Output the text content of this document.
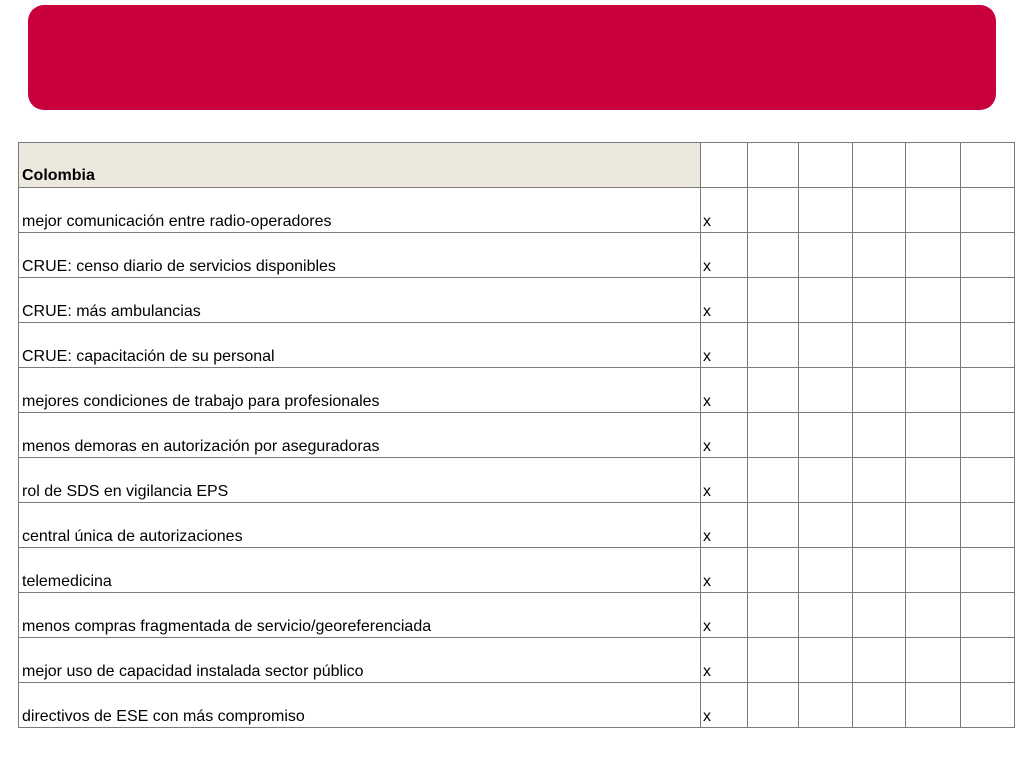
Colombia						

mejor comunicación entre radio-operadores	x					

CRUE: censo diario de servicios disponibles	x					

CRUE: más ambulancias	x					

CRUE: capacitación de su personal	x					

mejores condiciones de trabajo para profesionales	x					

menos demoras en autorización por aseguradoras	x					

rol de SDS en vigilancia EPS	x					

central única de autorizaciones	x					

telemedicina	x					

menos compras fragmentada de servicio/georeferenciada	x					

mejor uso de capacidad instalada sector público	x					

directivos de ESE con más compromiso	x					
